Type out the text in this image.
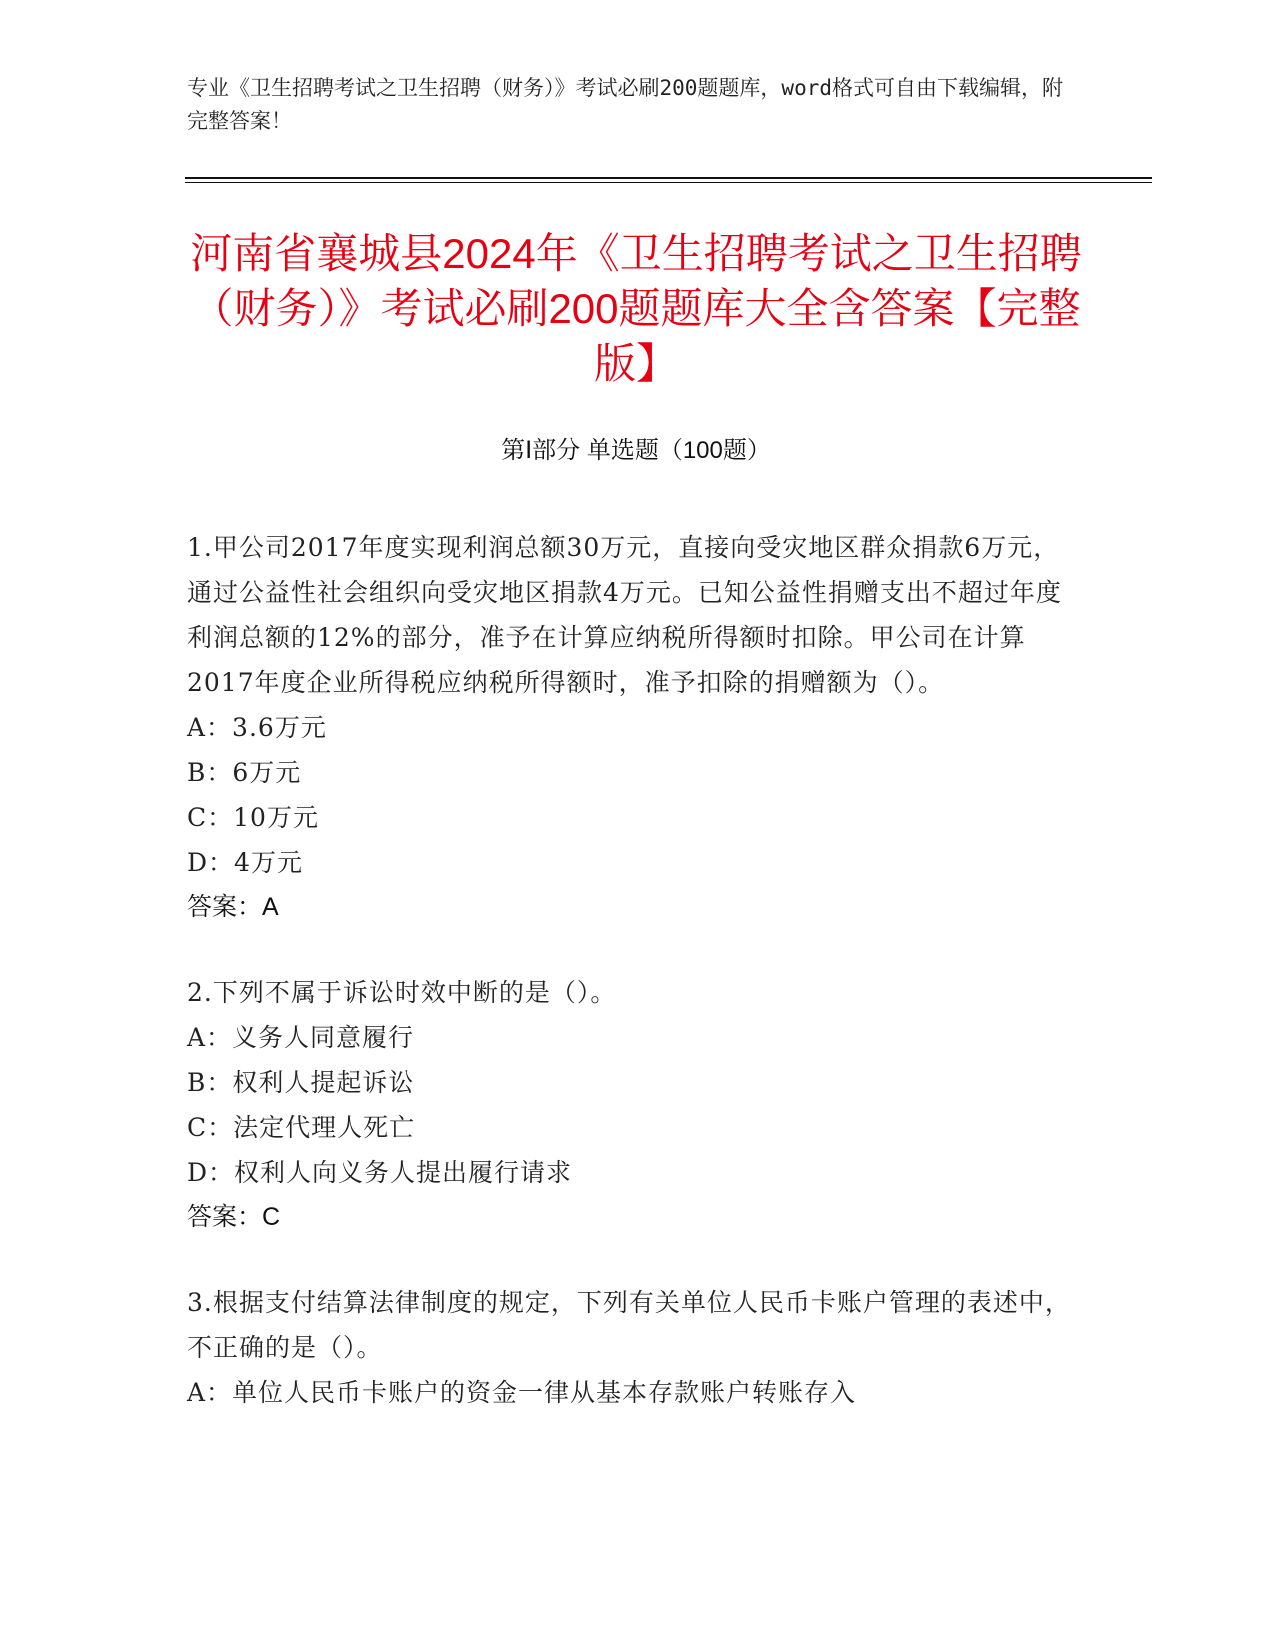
专业《卫生招聘考试之卫生招聘（财务）》考试必刷200题题库，word格式可自由下载编辑，附完整答案！
河南省襄城县2024年《卫生招聘考试之卫生招聘（财务）》考试必刷200题题库大全含答案【完整版】
第Ⅰ部分 单选题（100题）

1.甲公司2017年度实现利润总额30万元，直接向受灾地区群众捐款6万元，通过公益性社会组织向受灾地区捐款4万元。已知公益性捐赠支出不超过年度利润总额的12%的部分，准予在计算应纳税所得额时扣除。甲公司在计算2017年度企业所得税应纳税所得额时，准予扣除的捐赠额为（）。

A：3.6万元

B：6万元

C：10万元

D：4万元

答案：A

2.下列不属于诉讼时效中断的是（）。

A：义务人同意履行

B：权利人提起诉讼

C：法定代理人死亡

D：权利人向义务人提出履行请求

答案：C

3.根据支付结算法律制度的规定，下列有关单位人民币卡账户管理的表述中，不正确的是（）。

A：单位人民币卡账户的资金一律从基本存款账户转账存入
